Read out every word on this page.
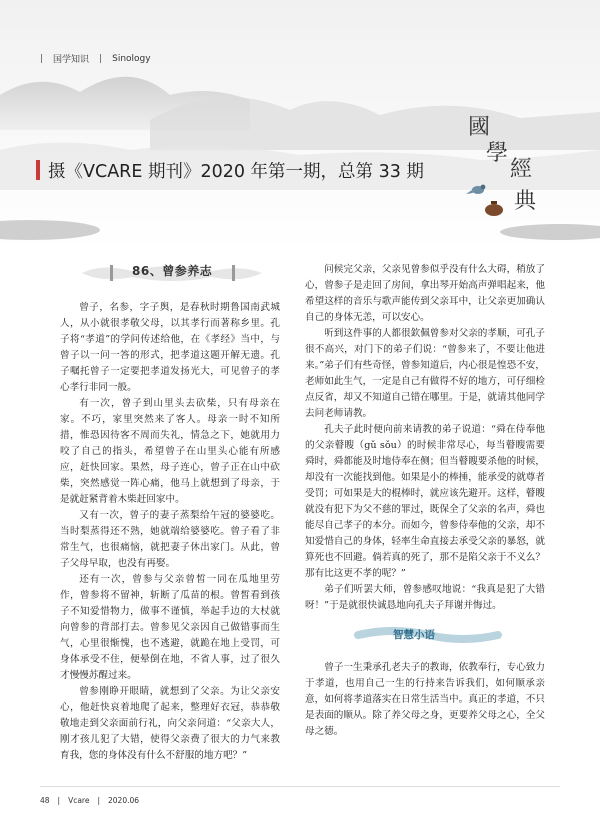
| 国学知识 | Sinology
摄《VCARE 期刊》2020 年第一期，总第 33 期
國
學
經
典
86、曾参养志

曾子，名参，字子舆，是春秋时期鲁国南武城人，从小就很孝敬父母，以其孝行而著称乡里。孔子将“孝道”的学问传述给他，在《孝经》当中，与曾子以一问一答的形式，把孝道这题开解无遗。孔子嘱托曾子一定要把孝道发扬光大，可见曾子的孝心孝行非同一般。

有一次，曾子到山里头去砍柴，只有母亲在家。不巧，家里突然来了客人。母亲一时不知所措，惟恐因待客不周而失礼，情急之下，她就用力咬了自己的指头，希望曾子在山里头心能有所感应，赶快回家。果然，母子连心，曾子正在山中砍柴，突然感觉一阵心痛，他马上就想到了母亲，于是就赶紧背着木柴赶回家中。

又有一次，曾子的妻子蒸梨给午冠的婆婆吃。当时梨蒸得还不熟，她就端给婆婆吃。曾子看了非常生气，也很痛恼，就把妻子休出家门。从此，曾子父母早取，也没有再娶。

还有一次，曾参与父亲曾皙一同在瓜地里劳作，曾参将不留神，斩断了瓜苗的根。曾皙看到孩子不知爱惜物力，做事不谨慎，举起手边的大杖就向曾参的背部打去。曾参见父亲因自己做错事而生气，心里很惭愧，也不逃避，就跪在地上受罚，可身体承受不住，便晕倒在地，不省人事，过了很久才慢慢苏醒过来。

曾参刚睁开眼睛，就想到了父亲。为让父亲安心，他赶快哀着地爬了起来，整理好衣冠，恭恭敬敬地走到父亲面前行礼，向父亲问道：“父亲大人，刚才孩儿犯了大错，使得父亲费了很大的力气来教育我，您的身体没有什么不舒服的地方吧？”

问候完父亲，父亲见曾参似乎没有什么大碍，稍放了心，曾参子是走回了房间，拿出琴开始高声弹唱起来，他希望这样的音乐与歌声能传到父亲耳中，让父亲更加确认自己的身体无恙，可以安心。

听到这件事的人都很欽佩曾参对父亲的孝顺，可孔子很不高兴，对门下的弟子们说：“曾参来了，不要让他进来。”弟子们有些奇怪，曾参知道后，内心很是惶恐不安，老师如此生气，一定是自己有做得不好的地方，可仔细检点反省，却又不知道自己错在哪里。于是，就请其他同学去问老师请教。

孔夫子此时便向前来请教的弟子说道：“舜在侍奉他的父亲瞽瞍（gǔ sǒu）的时候非常尽心，每当瞽瞍需要舜时，舜都能及时地侍奉在侧；但当瞽瞍要杀他的时候，却没有一次能找到他。如果是小的棒捶，能承受的就尊者受罚；可如果是大的棍棒时，就应该先避开。这样，瞽瞍就没有犯下为父不慈的罪过，既保全了父亲的名声，舜也能尽自己孝子的本分。而如今，曾参侍奉他的父亲，却不知爱惜自己的身体，轻率生命直接去承受父亲的暴怒，就算死也不回避。倘若真的死了，那不是陷父亲于不义么？那有比这更不孝的呢？”

弟子们听罢大师，曾参感叹地说：“我真是犯了大错呀！”于是就很快诚恳地向孔夫子拜谢并悔过。

智慧小语

曾子一生秉承孔老夫子的教诲，依教奉行，专心致力于孝道，也用自己一生的行持来告诉我们，如何顺承亲意，如何将孝道落实在日常生活当中。真正的孝道，不只是表面的顺从。除了养父母之身，更要养父母之心，全父母之德。

48 | Vcare | 2020.06
